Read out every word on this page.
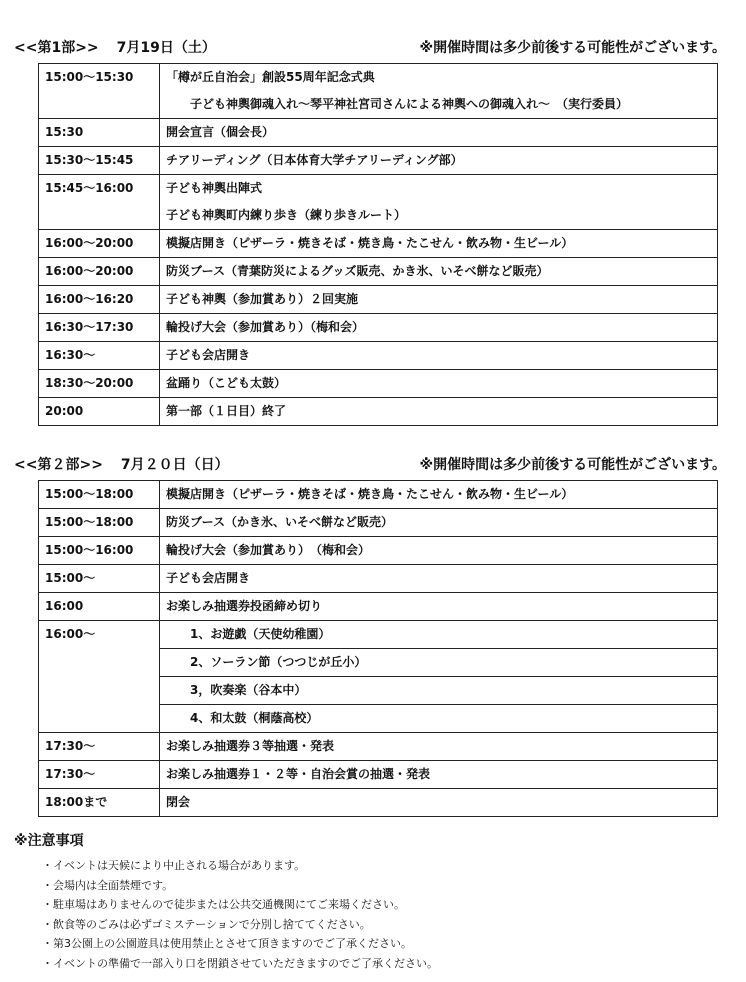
<<第1部>> 7月19日（土）	※開催時間は多少前後する可能性がございます。
15:00～15:30	「樽が丘自治会」創設55周年記念式典
子ども神輿御魂入れ～琴平神社宮司さんによる神輿への御魂入れ～　（実行委員）

15:30	開会宣言（個会長）

15:30～15:45	チアリーディング（日本体育大学チアリーディング部）

15:45～16:00	子ども神輿出陣式
子ども神輿町内練り歩き（練り歩きルート）

16:00～20:00	模擬店開き（ピザーラ・焼きそば・焼き鳥・たこせん・飲み物・生ビール）

16:00～20:00	防災ブース（青葉防災によるグッズ販売、かき氷、いそべ餅など販売）

16:00～16:20	子ども神輿（参加賞あり）２回実施

16:30～17:30	輪投げ大会（参加賞あり）（梅和会）

16:30～	子ども会店開き

18:30～20:00	盆踊り（こども太鼓）

20:00	第一部（１日目）終了
<<第２部>> 7月２０日（日）	※開催時間は多少前後する可能性がございます。
15:00～18:00	模擬店開き（ピザーラ・焼きそば・焼き鳥・たこせん・飲み物・生ビール）

15:00～18:00	防災ブース（かき氷、いそべ餅など販売）

15:00～16:00	輪投げ大会（参加賞あり）　（梅和会）

15:00～	子ども会店開き

16:00	お楽しみ抽選券投函締め切り

16:00～	1、お遊戯（天使幼稚園）

	2、ソーラン節（つつじが丘小）

	3，吹奏楽（谷本中）

	4、和太鼓（桐蔭高校）

17:30～	お楽しみ抽選券３等抽選・発表

17:30～	お楽しみ抽選券１・２等・自治会賞の抽選・発表

18:00まで	閉会
※注意事項
・イベントは天候により中止される場合があります。
・会場内は全面禁煙です。
・駐車場はありませんので徒歩または公共交通機関にてご来場ください。
・飲食等のごみは必ずゴミステーションで分別し捨ててください。
・第3公園上の公園遊具は使用禁止とさせて頂きますのでご了承ください。
・イベントの準備で一部入り口を閉鎖させていただきますのでご了承ください。
